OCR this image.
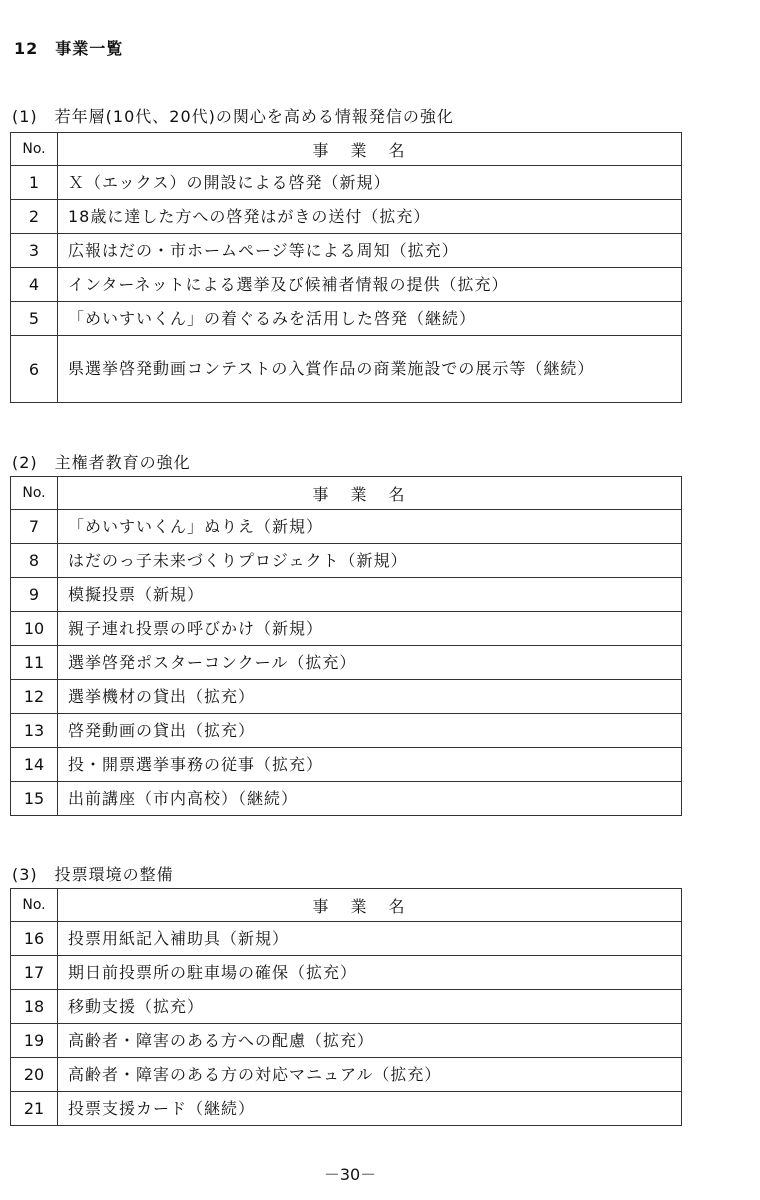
12　事業一覧
(1)　若年層(10代、20代)の関心を高める情報発信の強化
No.	事業名
1	Ｘ（エックス）の開設による啓発（新規）
2	18歳に達した方への啓発はがきの送付（拡充）
3	広報はだの・市ホームページ等による周知（拡充）
4	インターネットによる選挙及び候補者情報の提供（拡充）
5	「めいすいくん」の着ぐるみを活用した啓発（継続）
6	県選挙啓発動画コンテストの入賞作品の商業施設での展示等（継続）
(2)　主権者教育の強化
No.	事業名
7	「めいすいくん」ぬりえ（新規）
8	はだのっ子未来づくりプロジェクト（新規）
9	模擬投票（新規）
10	親子連れ投票の呼びかけ（新規）
11	選挙啓発ポスターコンクール（拡充）
12	選挙機材の貸出（拡充）
13	啓発動画の貸出（拡充）
14	投・開票選挙事務の従事（拡充）
15	出前講座（市内高校）（継続）
(3)　投票環境の整備
No.	事業名
16	投票用紙記入補助具（新規）
17	期日前投票所の駐車場の確保（拡充）
18	移動支援（拡充）
19	高齢者・障害のある方への配慮（拡充）
20	高齢者・障害のある方の対応マニュアル（拡充）
21	投票支援カード（継続）
－30－
